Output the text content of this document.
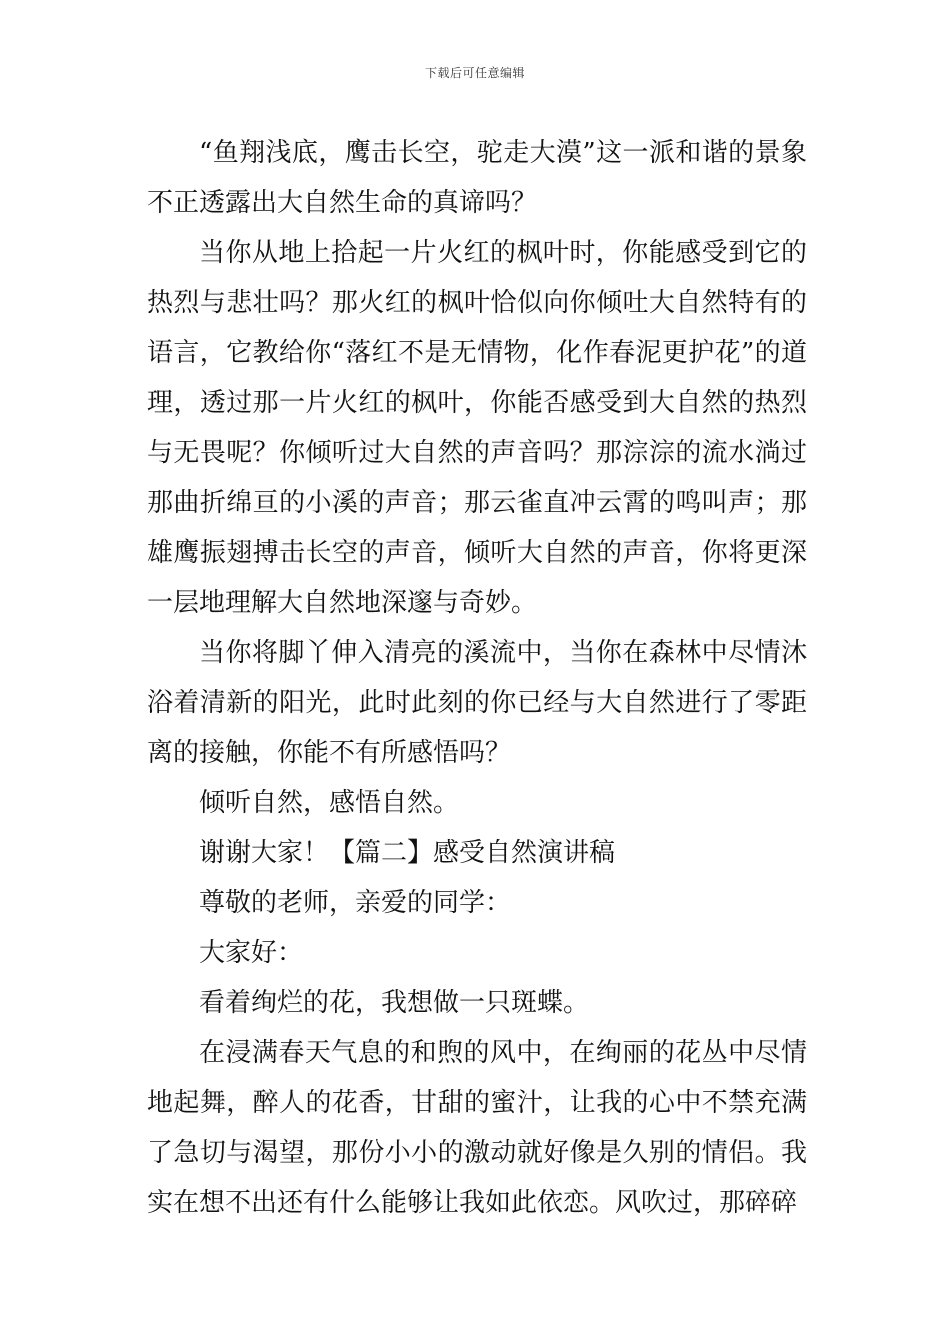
下载后可任意编辑

“鱼翔浅底，鹰击长空，驼走大漠”这一派和谐的景象不正透露出大自然生命的真谛吗？

当你从地上拾起一片火红的枫叶时，你能感受到它的热烈与悲壮吗？那火红的枫叶恰似向你倾吐大自然特有的语言，它教给你“落红不是无情物，化作春泥更护花”的道理，透过那一片火红的枫叶，你能否感受到大自然的热烈与无畏呢？你倾听过大自然的声音吗？那淙淙的流水淌过那曲折绵亘的小溪的声音；那云雀直冲云霄的鸣叫声；那雄鹰振翅搏击长空的声音，倾听大自然的声音，你将更深一层地理解大自然地深邃与奇妙。

当你将脚丫伸入清亮的溪流中，当你在森林中尽情沐浴着清新的阳光，此时此刻的你已经与大自然进行了零距离的接触，你能不有所感悟吗？

倾听自然，感悟自然。

谢谢大家！【篇二】感受自然演讲稿

尊敬的老师，亲爱的同学：

大家好：

看着绚烂的花，我想做一只斑蝶。

在浸满春天气息的和煦的风中，在绚丽的花丛中尽情地起舞，醉人的花香，甘甜的蜜汁，让我的心中不禁充满了急切与渴望，那份小小的激动就好像是久别的情侣。我实在想不出还有什么能够让我如此依恋。风吹过，那碎碎
